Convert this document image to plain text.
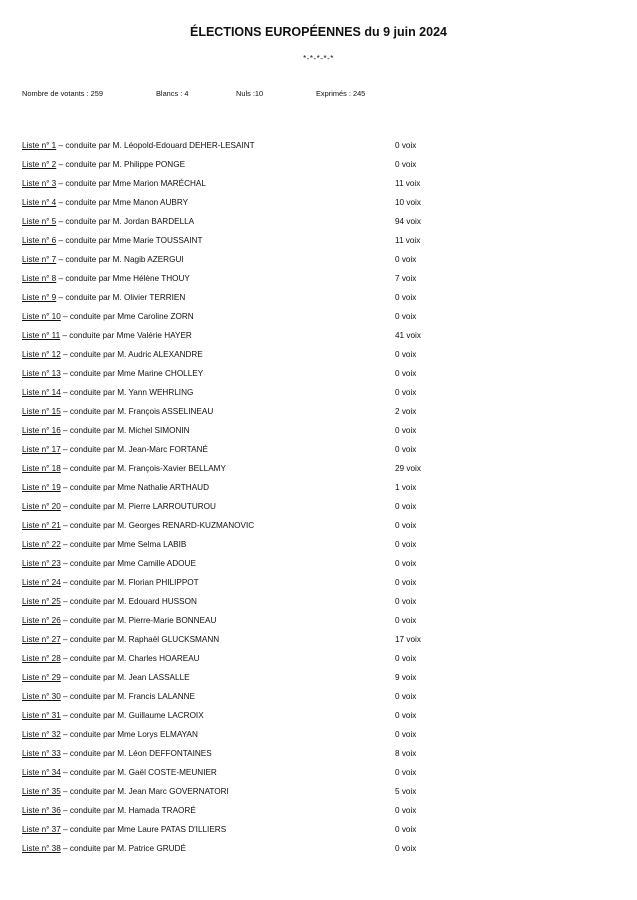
ÉLECTIONS EUROPÉENNES du 9 juin 2024
*-*-*-*-*
Nombre de votants : 259	Blancs : 4	Nuls :10	Exprimés : 245
Liste n° 1 – conduite par M. Léopold-Edouard DEHER-LESAINT	0 voix
Liste n° 2 – conduite par M. Philippe PONGE	0 voix
Liste n° 3 – conduite par Mme Marion MARÉCHAL	11 voix
Liste n° 4 – conduite par Mme Manon AUBRY	10 voix
Liste n° 5 – conduite par M. Jordan BARDELLA	94 voix
Liste n° 6 – conduite par Mme Marie TOUSSAINT	11 voix
Liste n° 7 – conduite par M. Nagib AZERGUI	0 voix
Liste n° 8 – conduite par Mme Hélène THOUY	7 voix
Liste n° 9 – conduite par M. Olivier TERRIEN	0 voix
Liste n° 10 – conduite par Mme Caroline ZORN	0 voix
Liste n° 11 – conduite par Mme Valérie HAYER	41 voix
Liste n° 12 – conduite par M. Audric ALEXANDRE	0 voix
Liste n° 13 – conduite par Mme Marine CHOLLEY	0 voix
Liste n° 14 – conduite par M. Yann WEHRLING	0 voix
Liste n° 15 – conduite par M. François ASSELINEAU	2 voix
Liste n° 16 – conduite par M. Michel SIMONIN	0 voix
Liste n° 17 – conduite par M. Jean-Marc FORTANÉ	0 voix
Liste n° 18 – conduite par M. François-Xavier BELLAMY	29 voix
Liste n° 19 – conduite par Mme Nathalie ARTHAUD	1 voix
Liste n° 20 – conduite par M. Pierre LARROUTUROU	0 voix
Liste n° 21 – conduite par M. Georges RENARD-KUZMANOVIC	0 voix
Liste n° 22 – conduite par Mme Selma LABIB	0 voix
Liste n° 23 – conduite par Mme Camille ADOUE	0 voix
Liste n° 24 – conduite par M. Florian PHILIPPOT	0 voix
Liste n° 25 – conduite par M. Edouard HUSSON	0 voix
Liste n° 26 – conduite par M. Pierre-Marie BONNEAU	0 voix
Liste n° 27 – conduite par M. Raphaël GLUCKSMANN	17 voix
Liste n° 28 – conduite par M. Charles HOAREAU	0 voix
Liste n° 29 – conduite par M. Jean LASSALLE	9 voix
Liste n° 30 – conduite par M. Francis LALANNE	0 voix
Liste n° 31 – conduite par M. Guillaume LACROIX	0 voix
Liste n° 32 – conduite par Mme Lorys ELMAYAN	0 voix
Liste n° 33 – conduite par M. Léon DEFFONTAINES	8 voix
Liste n° 34 – conduite par M. Gaël COSTE-MEUNIER	0 voix
Liste n° 35 – conduite par M. Jean Marc GOVERNATORI	5 voix
Liste n° 36 – conduite par M. Hamada TRAORÉ	0 voix
Liste n° 37 – conduite par Mme Laure PATAS D'ILLIERS	0 voix
Liste n° 38 – conduite par M. Patrice GRUDÉ	0 voix
